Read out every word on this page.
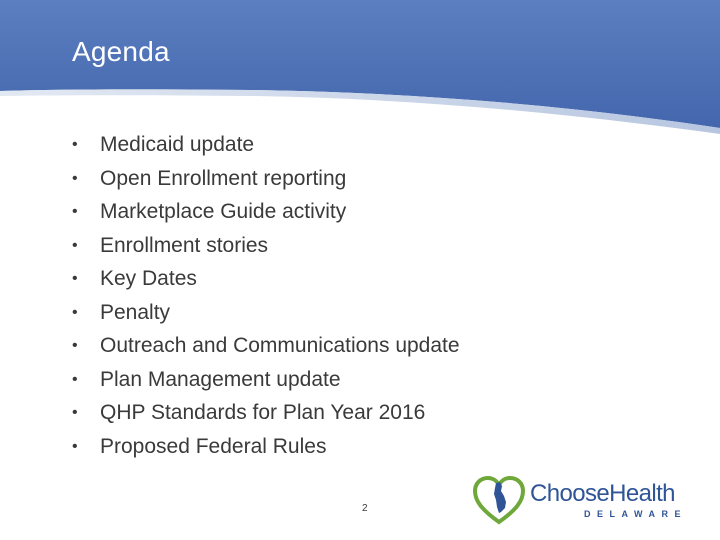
Agenda
•	Medicaid update
•	Open Enrollment reporting
•	Marketplace Guide activity
•	Enrollment stories
•	Key Dates
•	Penalty
•	Outreach and Communications update
•	Plan Management update
•	QHP Standards for Plan Year 2016
•	Proposed Federal Rules
2
ChooseHealth
DELAWARE
